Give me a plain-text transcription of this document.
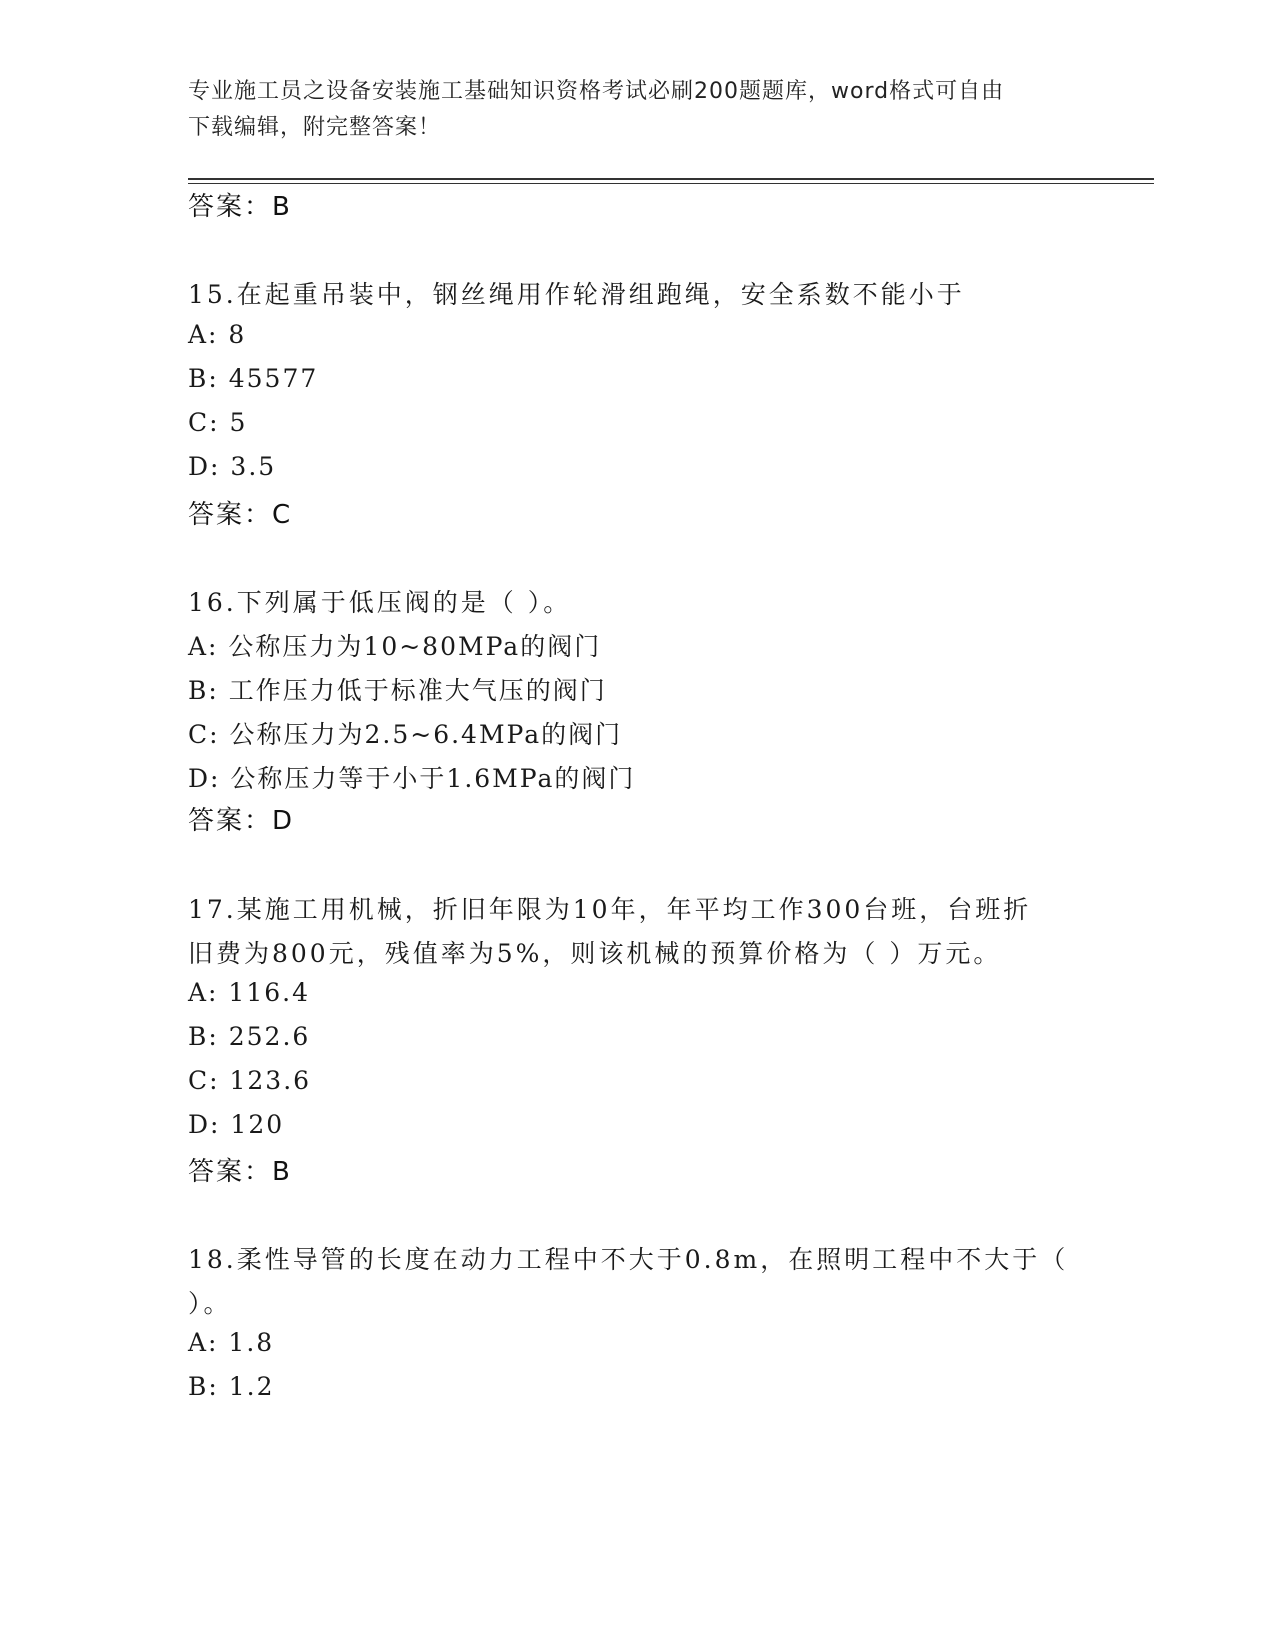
专业施工员之设备安装施工基础知识资格考试必刷200题题库，word格式可自由
下载编辑，附完整答案！
答案：B
15.在起重吊装中，钢丝绳用作轮滑组跑绳，安全系数不能小于
A: 8
B: 45577
C: 5
D: 3.5
答案：C
16.下列属于低压阀的是（ ）。
A: 公称压力为10~80MPa的阀门
B: 工作压力低于标准大气压的阀门
C: 公称压力为2.5~6.4MPa的阀门
D: 公称压力等于小于1.6MPa的阀门
答案：D
17.某施工用机械，折旧年限为10年，年平均工作300台班，台班折
旧费为800元，残值率为5%，则该机械的预算价格为（ ）万元。
A: 116.4
B: 252.6
C: 123.6
D: 120
答案：B
18.柔性导管的长度在动力工程中不大于0.8m，在照明工程中不大于（
）。
A: 1.8
B: 1.2
